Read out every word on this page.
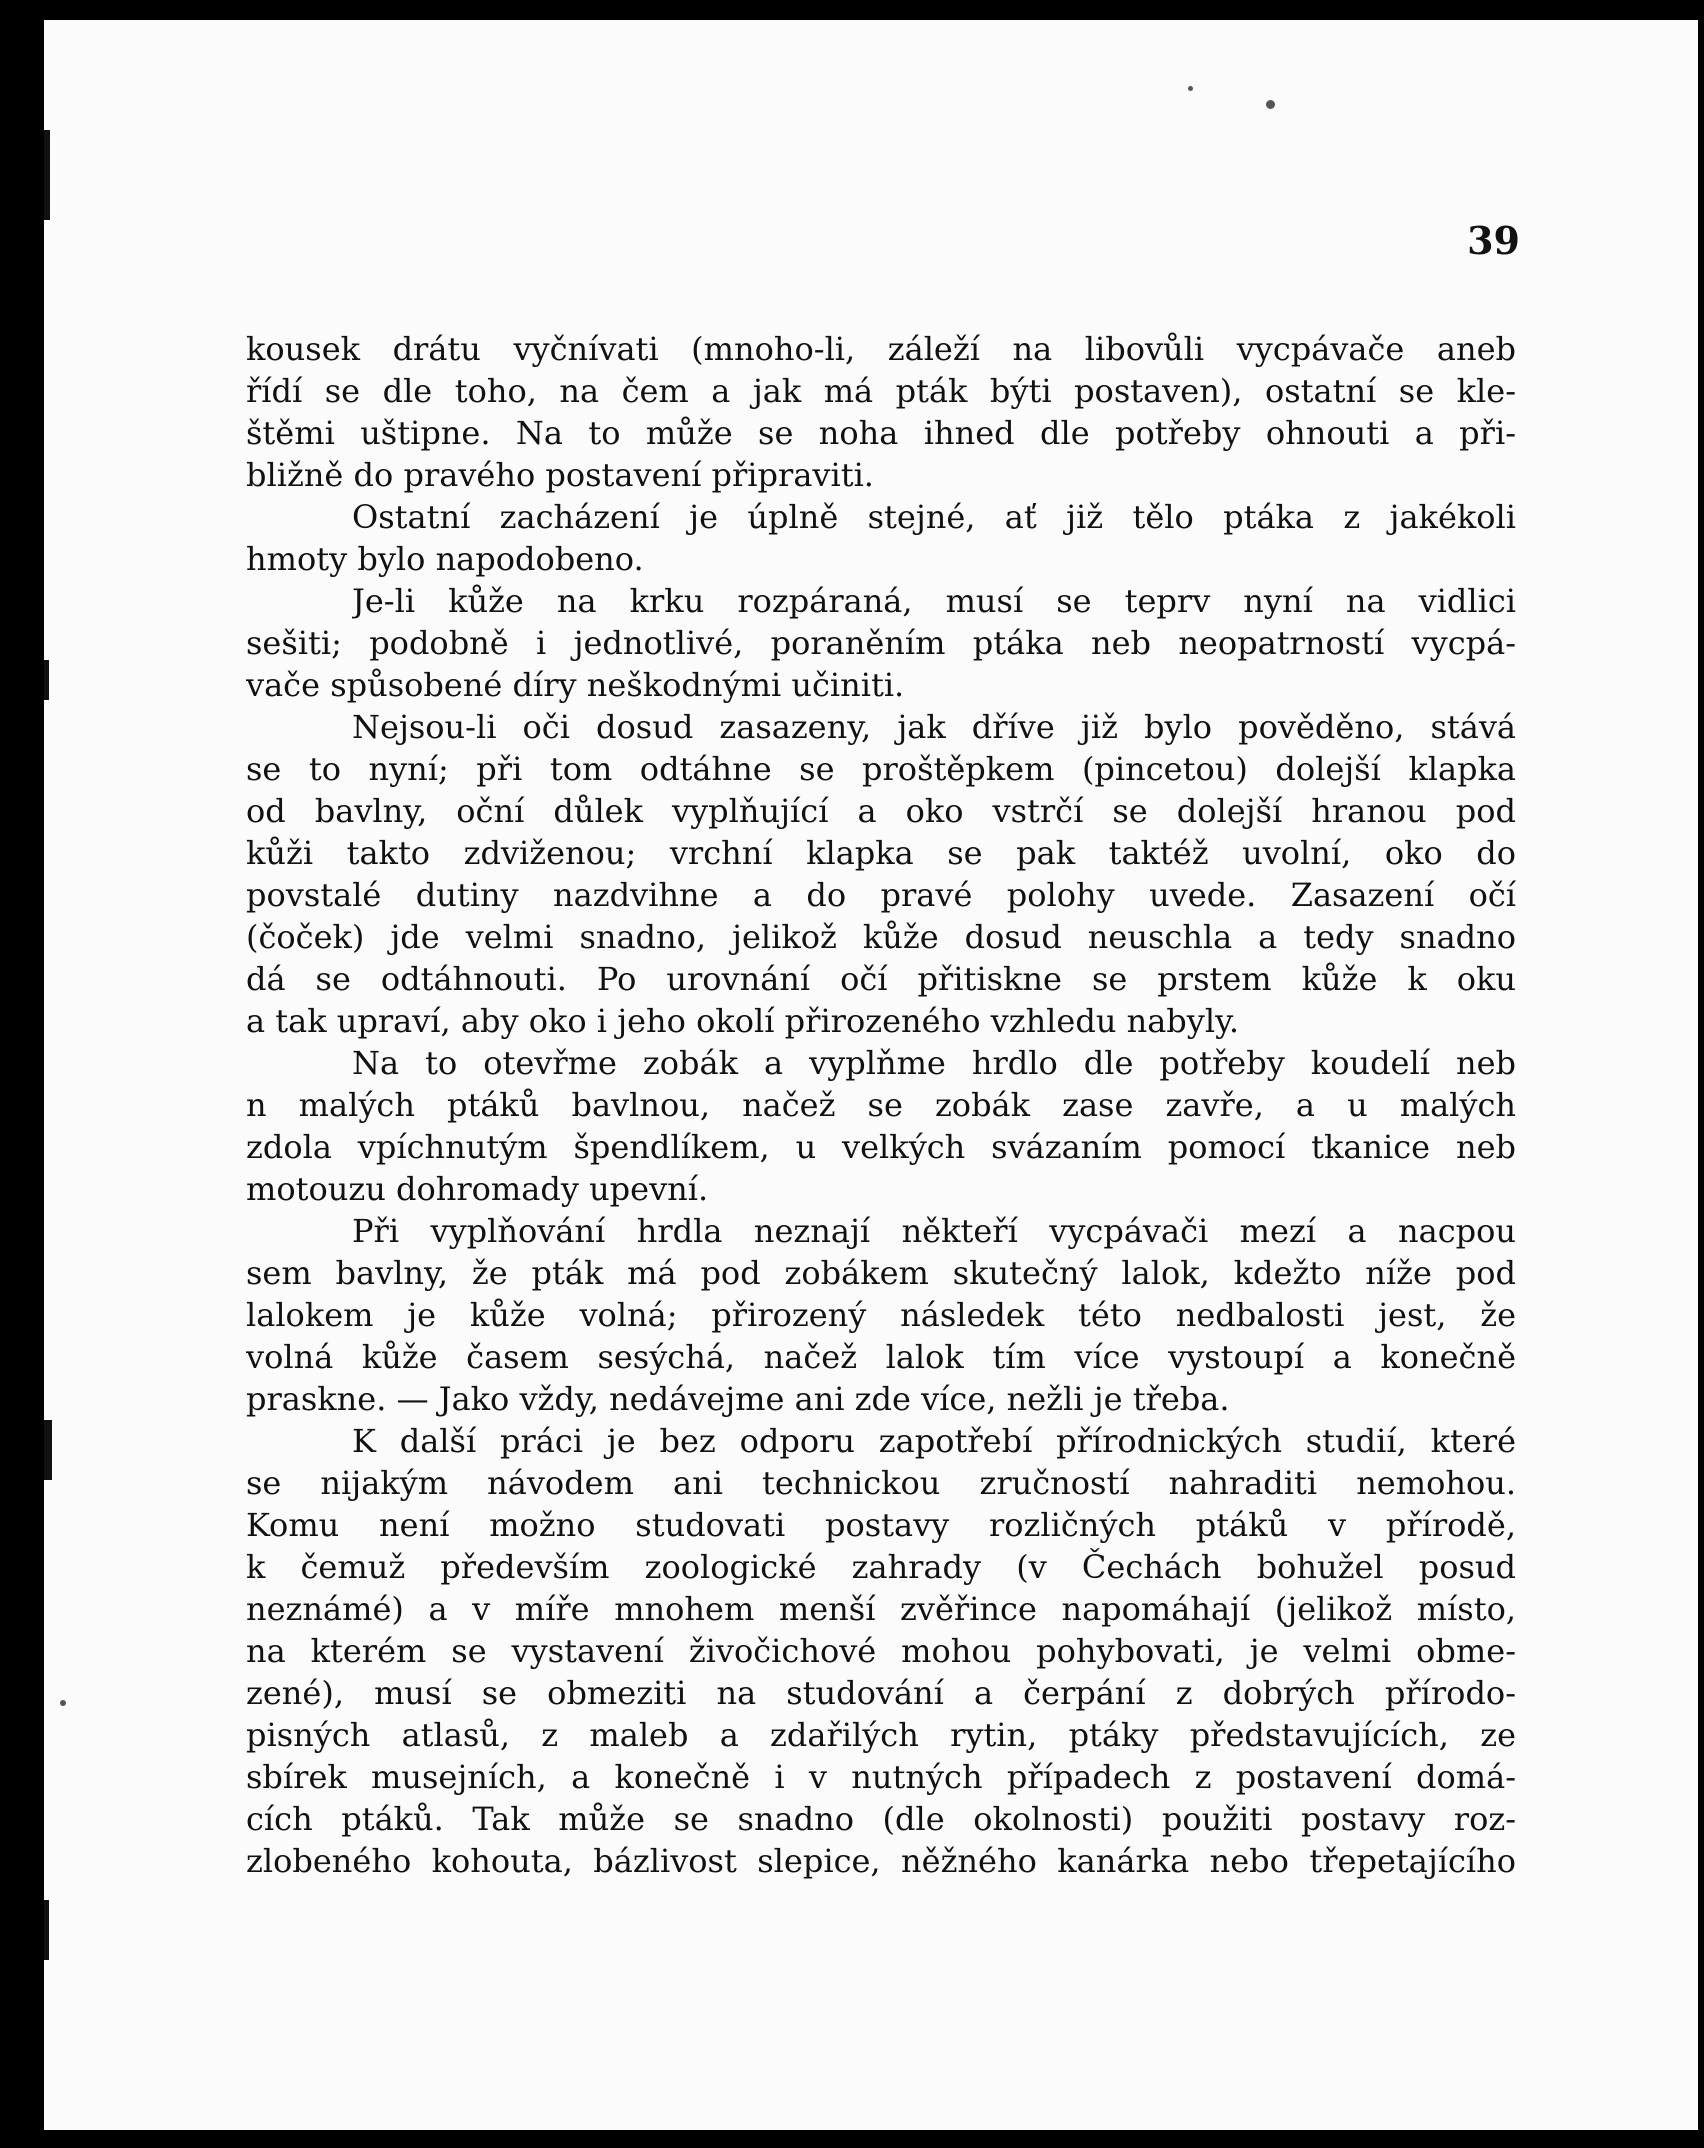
39
kousek drátu vyčnívati (mnoho-li, záleží na libovůli vycpávače aneb
řídí se dle toho, na čem a jak má pták býti postaven), ostatní se kle-
štěmi uštipne. Na to může se noha ihned dle potřeby ohnouti a při-
bližně do pravého postavení připraviti.
Ostatní zacházení je úplně stejné, ať již tělo ptáka z jakékoli
hmoty bylo napodobeno.
Je-li kůže na krku rozpáraná, musí se teprv nyní na vidlici
sešiti; podobně i jednotlivé, poraněním ptáka neb neopatrností vycpá-
vače spůsobené díry neškodnými učiniti.
Nejsou-li oči dosud zasazeny, jak dříve již bylo pověděno, stává
se to nyní; při tom odtáhne se proštěpkem (pincetou) dolejší klapka
od bavlny, oční důlek vyplňující a oko vstrčí se dolejší hranou pod
kůži takto zdviženou; vrchní klapka se pak taktéž uvolní, oko do
povstalé dutiny nazdvihne a do pravé polohy uvede. Zasazení očí
(čoček) jde velmi snadno, jelikož kůže dosud neuschla a tedy snadno
dá se odtáhnouti. Po urovnání očí přitiskne se prstem kůže k oku
a tak upraví, aby oko i jeho okolí přirozeného vzhledu nabyly.
Na to otevřme zobák a vyplňme hrdlo dle potřeby koudelí neb
n malých ptáků bavlnou, načež se zobák zase zavře, a u malých
zdola vpíchnutým špendlíkem, u velkých svázaním pomocí tkanice neb
motouzu dohromady upevní.
Při vyplňování hrdla neznají někteří vycpávači mezí a nacpou
sem bavlny, že pták má pod zobákem skutečný lalok, kdežto níže pod
lalokem je kůže volná; přirozený následek této nedbalosti jest, že
volná kůže časem sesýchá, načež lalok tím více vystoupí a konečně
praskne. — Jako vždy, nedávejme ani zde více, nežli je třeba.
K další práci je bez odporu zapotřebí přírodnických studií, které
se nijakým návodem ani technickou zručností nahraditi nemohou.
Komu není možno studovati postavy rozličných ptáků v přírodě,
k čemuž především zoologické zahrady (v Čechách bohužel posud
neznámé) a v míře mnohem menší zvěřince napomáhají (jelikož místo,
na kterém se vystavení živočichové mohou pohybovati, je velmi obme-
zené), musí se obmeziti na studování a čerpání z dobrých přírodo-
pisných atlasů, z maleb a zdařilých rytin, ptáky představujících, ze
sbírek musejních, a konečně i v nutných případech z postavení domá-
cích ptáků. Tak může se snadno (dle okolnosti) použiti postavy roz-
zlobeného kohouta, bázlivost slepice, něžného kanárka nebo třepetajícího
